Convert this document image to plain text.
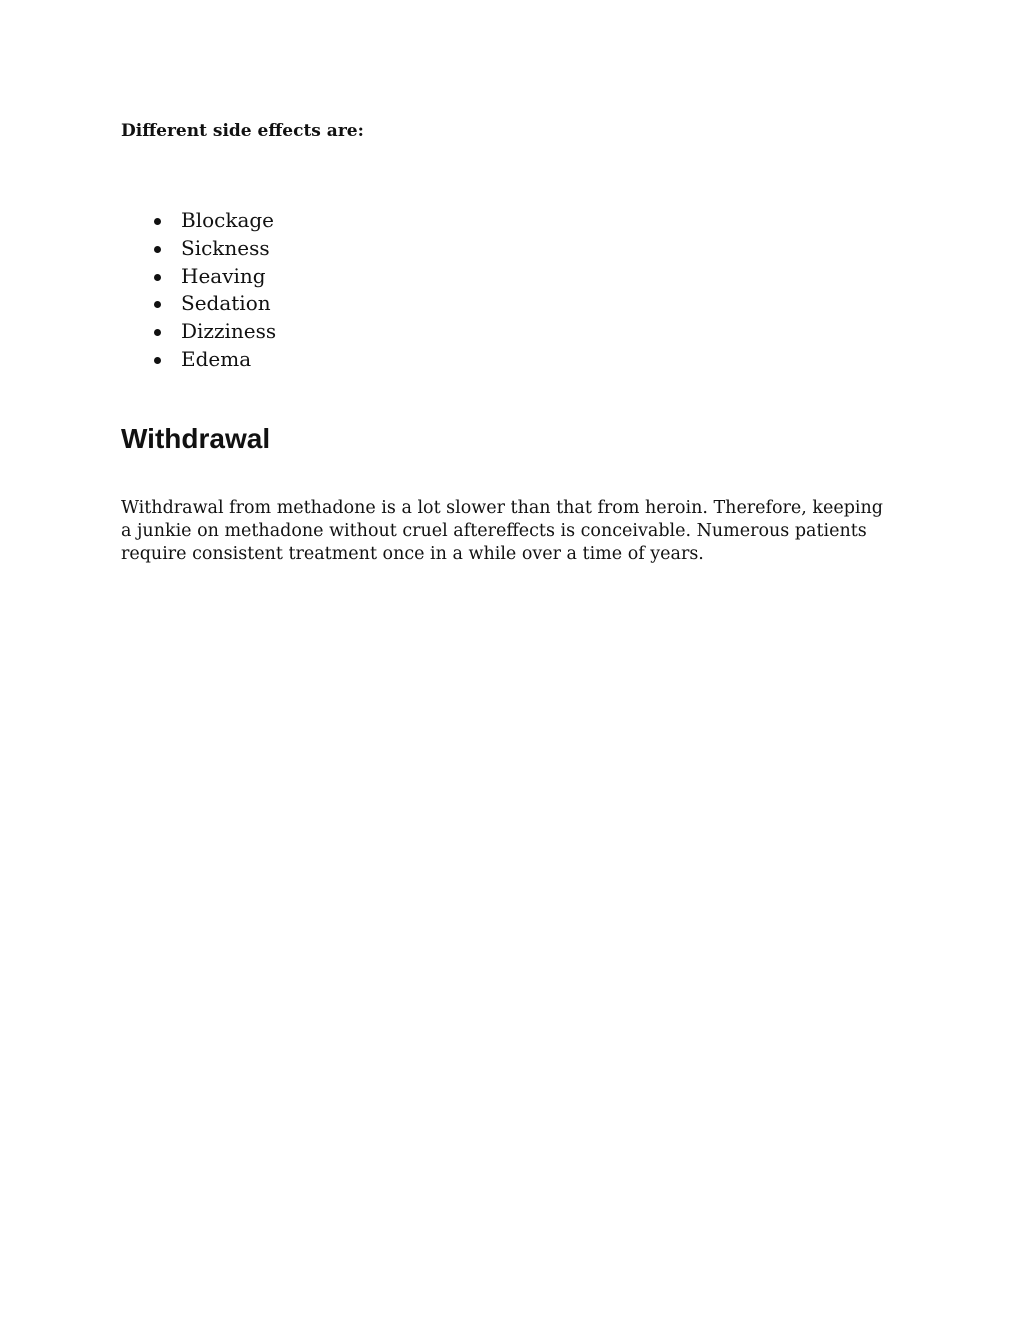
Different side effects are:

Blockage
Sickness
Heaving
Sedation
Dizziness
Edema
Withdrawal

Withdrawal from methadone is a lot slower than that from heroin. Therefore, keeping
a junkie on methadone without cruel aftereffects is conceivable. Numerous patients
require consistent treatment once in a while over a time of years.
